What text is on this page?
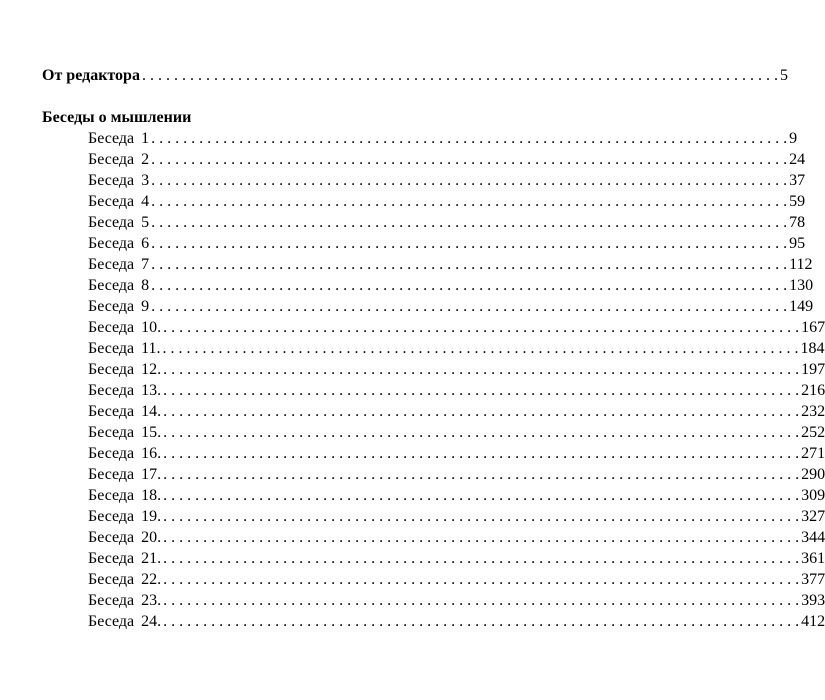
От редактора . . . . . . . . . . . . . . . . . . . . . . . . . . . . . . . . . . . . . . . . . . . . . . . . . . . . . . . . . . . . . . . . . . . . . . . . . . . . . . . . 5
Беседы о мышлении
Беседа 1 . . . . . . . . . . . . . . . . . . . . . . . . . . . . . . . . . . . . . . . . . . . . . . . . . . . . . . . . . . . . . . . . . . . . . . . . . . . . . . . . 9
Беседа 2 . . . . . . . . . . . . . . . . . . . . . . . . . . . . . . . . . . . . . . . . . . . . . . . . . . . . . . . . . . . . . . . . . . . . . . . . . . . . . . . . 24
Беседа 3 . . . . . . . . . . . . . . . . . . . . . . . . . . . . . . . . . . . . . . . . . . . . . . . . . . . . . . . . . . . . . . . . . . . . . . . . . . . . . . . . 37
Беседа 4 . . . . . . . . . . . . . . . . . . . . . . . . . . . . . . . . . . . . . . . . . . . . . . . . . . . . . . . . . . . . . . . . . . . . . . . . . . . . . . . . 59
Беседа 5 . . . . . . . . . . . . . . . . . . . . . . . . . . . . . . . . . . . . . . . . . . . . . . . . . . . . . . . . . . . . . . . . . . . . . . . . . . . . . . . . 78
Беседа 6 . . . . . . . . . . . . . . . . . . . . . . . . . . . . . . . . . . . . . . . . . . . . . . . . . . . . . . . . . . . . . . . . . . . . . . . . . . . . . . . . 95
Беседа 7 . . . . . . . . . . . . . . . . . . . . . . . . . . . . . . . . . . . . . . . . . . . . . . . . . . . . . . . . . . . . . . . . . . . . . . . . . . . . . . . . 112
Беседа 8 . . . . . . . . . . . . . . . . . . . . . . . . . . . . . . . . . . . . . . . . . . . . . . . . . . . . . . . . . . . . . . . . . . . . . . . . . . . . . . . . 130
Беседа 9 . . . . . . . . . . . . . . . . . . . . . . . . . . . . . . . . . . . . . . . . . . . . . . . . . . . . . . . . . . . . . . . . . . . . . . . . . . . . . . . . 149
Беседа 10. . . . . . . . . . . . . . . . . . . . . . . . . . . . . . . . . . . . . . . . . . . . . . . . . . . . . . . . . . . . . . . . . . . . . . . . . . . . . . . . . 167
Беседа 11. . . . . . . . . . . . . . . . . . . . . . . . . . . . . . . . . . . . . . . . . . . . . . . . . . . . . . . . . . . . . . . . . . . . . . . . . . . . . . . . . 184
Беседа 12. . . . . . . . . . . . . . . . . . . . . . . . . . . . . . . . . . . . . . . . . . . . . . . . . . . . . . . . . . . . . . . . . . . . . . . . . . . . . . . . . 197
Беседа 13. . . . . . . . . . . . . . . . . . . . . . . . . . . . . . . . . . . . . . . . . . . . . . . . . . . . . . . . . . . . . . . . . . . . . . . . . . . . . . . . . 216
Беседа 14. . . . . . . . . . . . . . . . . . . . . . . . . . . . . . . . . . . . . . . . . . . . . . . . . . . . . . . . . . . . . . . . . . . . . . . . . . . . . . . . . 232
Беседа 15. . . . . . . . . . . . . . . . . . . . . . . . . . . . . . . . . . . . . . . . . . . . . . . . . . . . . . . . . . . . . . . . . . . . . . . . . . . . . . . . . 252
Беседа 16. . . . . . . . . . . . . . . . . . . . . . . . . . . . . . . . . . . . . . . . . . . . . . . . . . . . . . . . . . . . . . . . . . . . . . . . . . . . . . . . . 271
Беседа 17. . . . . . . . . . . . . . . . . . . . . . . . . . . . . . . . . . . . . . . . . . . . . . . . . . . . . . . . . . . . . . . . . . . . . . . . . . . . . . . . . 290
Беседа 18. . . . . . . . . . . . . . . . . . . . . . . . . . . . . . . . . . . . . . . . . . . . . . . . . . . . . . . . . . . . . . . . . . . . . . . . . . . . . . . . . 309
Беседа 19. . . . . . . . . . . . . . . . . . . . . . . . . . . . . . . . . . . . . . . . . . . . . . . . . . . . . . . . . . . . . . . . . . . . . . . . . . . . . . . . . 327
Беседа 20. . . . . . . . . . . . . . . . . . . . . . . . . . . . . . . . . . . . . . . . . . . . . . . . . . . . . . . . . . . . . . . . . . . . . . . . . . . . . . . . . 344
Беседа 21. . . . . . . . . . . . . . . . . . . . . . . . . . . . . . . . . . . . . . . . . . . . . . . . . . . . . . . . . . . . . . . . . . . . . . . . . . . . . . . . . 361
Беседа 22. . . . . . . . . . . . . . . . . . . . . . . . . . . . . . . . . . . . . . . . . . . . . . . . . . . . . . . . . . . . . . . . . . . . . . . . . . . . . . . . . 377
Беседа 23. . . . . . . . . . . . . . . . . . . . . . . . . . . . . . . . . . . . . . . . . . . . . . . . . . . . . . . . . . . . . . . . . . . . . . . . . . . . . . . . . 393
Беседа 24. . . . . . . . . . . . . . . . . . . . . . . . . . . . . . . . . . . . . . . . . . . . . . . . . . . . . . . . . . . . . . . . . . . . . . . . . . . . . . . . . 412
